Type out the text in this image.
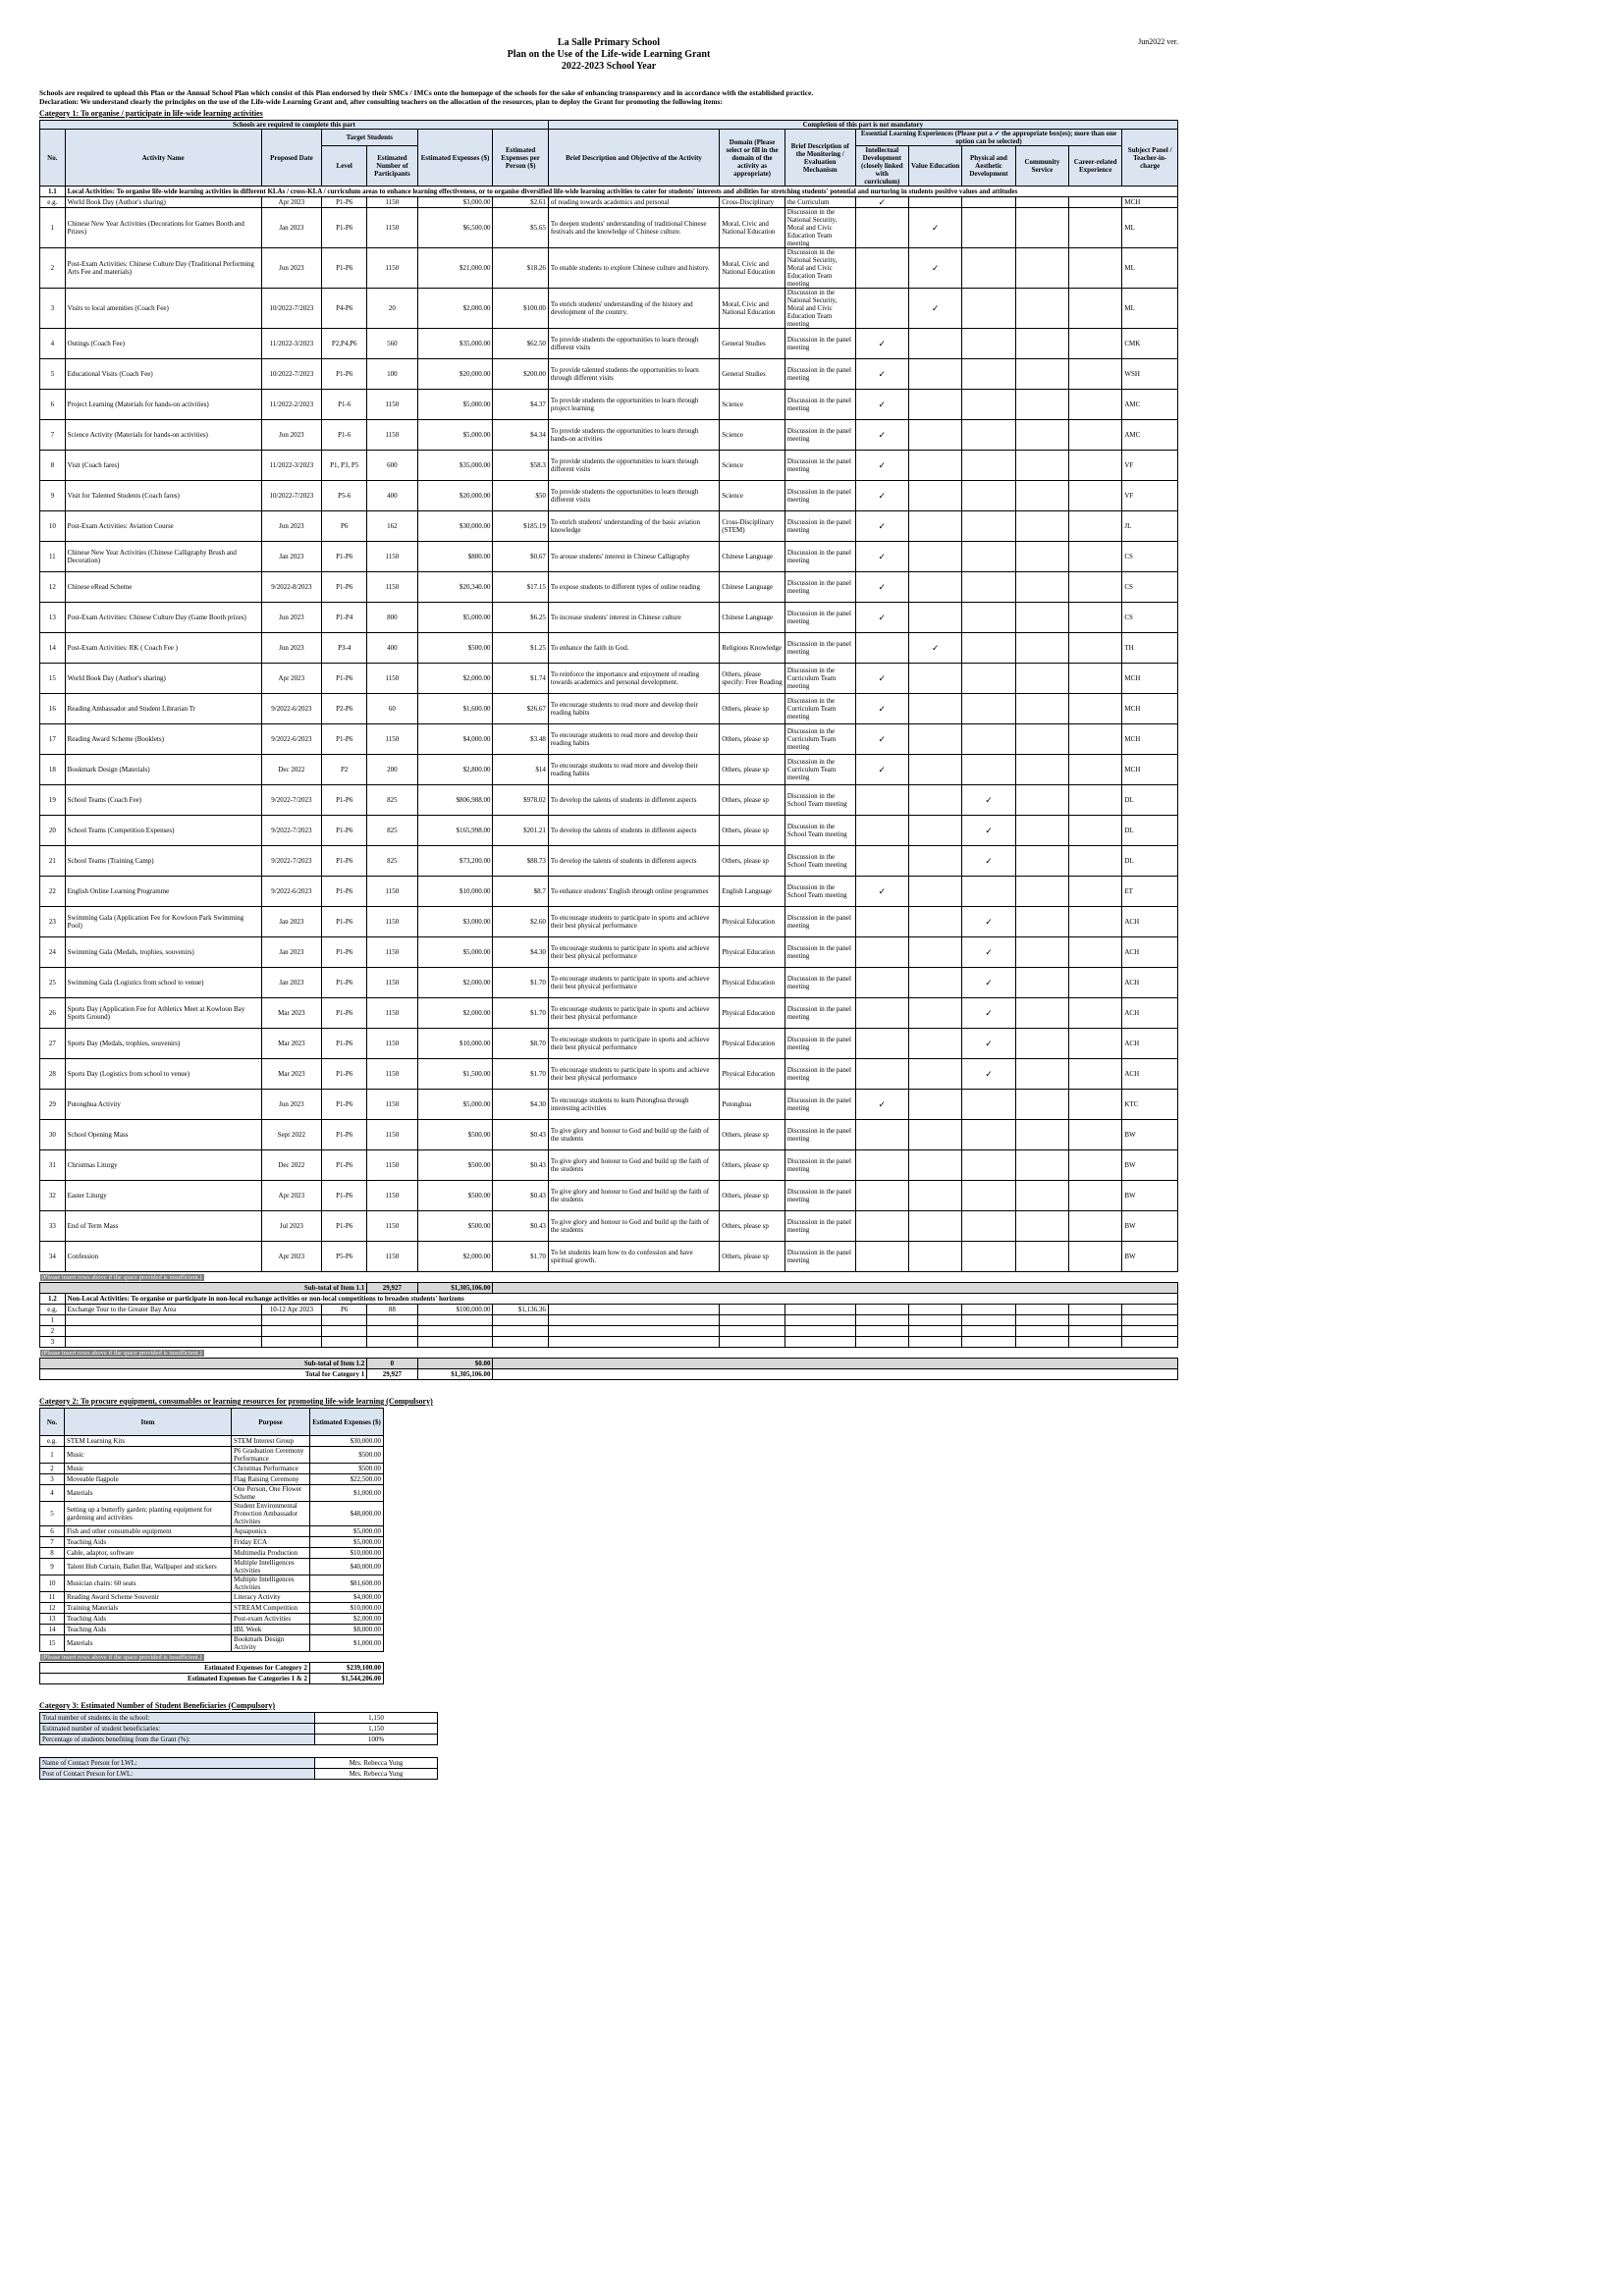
Jun2022 ver.
La Salle Primary School
Plan on the Use of the Life-wide Learning Grant
2022-2023 School Year
Schools are required to upload this Plan or the Annual School Plan which consist of this Plan endorsed by their SMCs / IMCs onto the homepage of the schools for the sake of enhancing transparency and in accordance with the established practice.
Declaration: We understand clearly the principles on the use of the Life-wide Learning Grant and, after consulting teachers on the allocation of the resources, plan to deploy the Grant for promoting the following items:
Category 1: To organise / participate in life-wide learning activities
Schools are required to complete this part							Completion of this part is not mandatory								
No.	Activity Name	Proposed Date	Target Students		Estimated Expenses ($)	Estimated Expenses per Person ($)	Brief Description and Objective of the Activity	Domain (Please select or fill in the domain of the activity as appropriate)	Brief Description of the Monitoring / Evaluation Mechanism	Essential Learning Experiences (Please put a ✓ the appropriate box(es); more than one option can be selected)					Subject Panel / Teacher-in-charge
			Level	Estimated Number of Participants						Intellectual Development (closely linked with curriculum)	Value Education	Physical and Aesthetic Development	Community Service	Career-related Experience	
1.1	Local Activities: To organise life-wide learning activities in different KLAs / cross-KLA / curriculum areas to enhance learning effectiveness, or to organise diversified life-wide learning activities to cater for students' interests and abilities for stretching students' potential and nurturing in students positive values and attitudes														
e.g.	World Book Day (Author's sharing)	Apr 2023	P1-P6	1150	$3,000.00	$2.61	of reading towards academics and personal	Cross-Disciplinary	the Curriculum	✓					MCH
1	Chinese New Year Activities (Decorations for Games Booth and Prizes)	Jan 2023	P1-P6	1150	$6,500.00	$5.65	To deepen students' understanding of traditional Chinese festivals and the knowledge of Chinese culture.	Moral, Civic and National Education	Discussion in the National Security, Moral and Civic Education Team meeting		✓				ML
2	Post-Exam Activities: Chinese Culture Day (Traditional Performing Arts Fee and materials)	Jun 2023	P1-P6	1150	$21,000.00	$18.26	To enable students to explore Chinese culture and history.	Moral, Civic and National Education	Discussion in the National Security, Moral and Civic Education Team meeting		✓				ML
3	Visits to local amenities (Coach Fee)	10/2022-7/2023	P4-P6	20	$2,000.00	$100.00	To enrich students' understanding of the history and development of the country.	Moral, Civic and National Education	Discussion in the National Security, Moral and Civic Education Team meeting		✓				ML
4	Outings (Coach Fee)	11/2022-3/2023	P2,P4,P6	560	$35,000.00	$62.50	To provide students the opportunities to learn through different visits	General Studies	Discussion in the panel meeting	✓					CMK
5	Educational Visits (Coach Fee)	10/2022-7/2023	P1-P6	100	$20,000.00	$200.00	To provide talented students the opportunities to learn through different visits	General Studies	Discussion in the panel meeting	✓					WSH
6	Project Learning (Materials for hands-on activities)	11/2022-2/2023	P1-6	1150	$5,000.00	$4.37	To provide students the opportunities to learn through project learning	Science	Discussion in the panel meeting	✓					AMC
7	Science Activity (Materials for hands-on activities)	Jun 2023	P1-6	1150	$5,000.00	$4.34	To provide students the opportunities to learn through hands-on activities	Science	Discussion in the panel meeting	✓					AMC
8	Visit (Coach fares)	11/2022-3/2023	P1, P3, P5	600	$35,000.00	$58.3	To provide students the opportunities to learn through different visits	Science	Discussion in the panel meeting	✓					VF
9	Visit for Talented Students (Coach fares)	10/2022-7/2023	P5-6	400	$20,000.00	$50	To provide students the opportunities to learn through different visits	Science	Discussion in the panel meeting	✓					VF
10	Post-Exam Activities: Aviation Course	Jun 2023	P6	162	$30,000.00	$185.19	To enrich students' understanding of the basic aviation knowledge	Cross-Disciplinary (STEM)	Discussion in the panel meeting	✓					JL
11	Chinese New Year Activities (Chinese Calligraphy Brush and Decoration)	Jan 2023	P1-P6	1150	$800.00	$0.67	To arouse students' interest in Chinese Calligraphy	Chinese Language	Discussion in the panel meeting	✓					CS
12	Chinese eRead Scheme	9/2022-8/2023	P1-P6	1150	$20,340.00	$17.15	To expose students to different types of online reading	Chinese Language	Discussion in the panel meeting	✓					CS
13	Post-Exam Activities: Chinese Culture Day (Game Booth prizes)	Jun 2023	P1-P4	800	$5,000.00	$6.25	To increase students' interest in Chinese culture	Chinese Language	Discussion in the panel meeting	✓					CS
14	Post-Exam Activities: RK ( Coach Fee )	Jun 2023	P3-4	400	$500.00	$1.25	To enhance the faith in God.	Religious Knowledge	Discussion in the panel meeting		✓				TH
15	World Book Day (Author's sharing)	Apr 2023	P1-P6	1150	$2,000.00	$1.74	To reinforce the importance and enjoyment of reading towards academics and personal development.	Others, please specify: Free Reading	Discussion in the Curriculum Team meeting	✓					MCH
16	Reading Ambassador and Student Librarian Tr	9/2022-6/2023	P2-P6	60	$1,600.00	$26.67	To encourage students to read more and develop their reading habits	Others, please sp	Discussion in the Curriculum Team meeting	✓					MCH
17	Reading Award Scheme (Booklets)	9/2022-6/2023	P1-P6	1150	$4,000.00	$3.48	To encourage students to read more and develop their reading habits	Others, please sp	Discussion in the Curriculum Team meeting	✓					MCH
18	Bookmark Design (Materials)	Dec 2022	P2	200	$2,800.00	$14	To encourage students to read more and develop their reading habits	Others, please sp	Discussion in the Curriculum Team meeting	✓					MCH
19	School Teams (Coach Fee)	9/2022-7/2023	P1-P6	825	$806,988.00	$978.02	To develop the talents of students in different aspects	Others, please sp	Discussion in the School Team meeting			✓			DL
20	School Teams (Competition Expenses)	9/2022-7/2023	P1-P6	825	$165,998.00	$201.21	To develop the talents of students in different aspects	Others, please sp	Discussion in the School Team meeting			✓			DL
21	School Teams (Training Camp)	9/2022-7/2023	P1-P6	825	$73,200.00	$88.73	To develop the talents of students in different aspects	Others, please sp	Discussion in the School Team meeting			✓			DL
22	English Online Learning Programme	9/2022-6/2023	P1-P6	1150	$10,000.00	$8.7	To enhance students' English through online programmes	English Language	Discussion in the School Team meeting	✓					ET
23	Swimming Gala (Application Fee for Kowloon Park Swimming Pool)	Jan 2023	P1-P6	1150	$3,000.00	$2.60	To encourage students to participate in sports and achieve their best physical performance	Physical Education	Discussion in the panel meeting			✓			ACH
24	Swimming Gala (Medals, trophies, souvenirs)	Jan 2023	P1-P6	1150	$5,000.00	$4.30	To encourage students to participate in sports and achieve their best physical performance	Physical Education	Discussion in the panel meeting			✓			ACH
25	Swimming Gala (Logistics from school to venue)	Jan 2023	P1-P6	1150	$2,000.00	$1.70	To encourage students to participate in sports and achieve their best physical performance	Physical Education	Discussion in the panel meeting			✓			ACH
26	Sports Day (Application Fee for Athletics Meet at Kowloon Bay Sports Ground)	Mar 2023	P1-P6	1150	$2,000.00	$1.70	To encourage students to participate in sports and achieve their best physical performance	Physical Education	Discussion in the panel meeting			✓			ACH
27	Sports Day (Medals, trophies, souvenirs)	Mar 2023	P1-P6	1150	$10,000.00	$8.70	To encourage students to participate in sports and achieve their best physical performance	Physical Education	Discussion in the panel meeting			✓			ACH
28	Sports Day (Logistics from school to venue)	Mar 2023	P1-P6	1150	$1,500.00	$1.70	To encourage students to participate in sports and achieve their best physical performance	Physical Education	Discussion in the panel meeting			✓			ACH
29	Putonghua Activity	Jun 2023	P1-P6	1150	$5,000.00	$4.30	To encourage students to learn Putonghua through interesting activities	Putonghua	Discussion in the panel meeting	✓					KTC
30	School Opening Mass	Sept 2022	P1-P6	1150	$500.00	$0.43	To give glory and honour to God and build up the faith of the students	Others, please sp	Discussion in the panel meeting						BW
31	Christmas Liturgy	Dec 2022	P1-P6	1150	$500.00	$0.43	To give glory and honour to God and build up the faith of the students	Others, please sp	Discussion in the panel meeting						BW
32	Easter Liturgy	Apr 2023	P1-P6	1150	$500.00	$0.43	To give glory and honour to God and build up the faith of the students	Others, please sp	Discussion in the panel meeting						BW
33	End of Term Mass	Jul 2023	P1-P6	1150	$500.00	$0.43	To give glory and honour to God and build up the faith of the students	Others, please sp	Discussion in the panel meeting						BW
34	Confession	Apr 2023	P5-P6	1150	$2,000.00	$1.70	To let students learn how to do confession and have spiritual growth.	Others, please sp	Discussion in the panel meeting						BW
(Please insert rows above if the space provided is insufficient.)															
Sub-total of Item 1.1				29,927	$1,305,106.00										
1.2	Non-Local Activities: To organise or participate in non-local exchange activities or non-local competitions to broaden students' horizons														
e.g.	Exchange Tour to the Greater Bay Area	10-12 Apr 2023	P6	88	$100,000.00	$1,136.36									
1															
2															
3															
(Please insert rows above if the space provided is insufficient.)															
Sub-total of Item 1.2				0	$0.00										
Total for Category 1				29,927	$1,305,106.00										
Category 2: To procure equipment, consumables or learning resources for promoting life-wide learning (Compulsory)
No.	Item	Purpose	Estimated Expenses ($)
e.g.	STEM Learning Kits	STEM Interest Group	$30,000.00
1	Music	P6 Graduation Ceremony Performance	$500.00
2	Music	Christmas Performance	$500.00
3	Moveable flagpole	Flag Raising Ceremony	$22,500.00
4	Materials	One Person, One Flower Scheme	$1,000.00
5	Setting up a butterfly garden; planting equipment for gardening and activities	Student Environmental Protection Ambassador Activities	$48,000.00
6	Fish and other consumable equipment	Aquaponics	$5,000.00
7	Teaching Aids	Friday ECA	$5,000.00
8	Cable, adaptor, software	Multimedia Production	$10,000.00
9	Talent Hub Curtain, Ballet Bar, Wallpaper and stickers	Multiple Intelligences Activities	$40,000.00
10	Musician chairs: 60 seats	Multiple Intelligences Activities	$81,600.00
11	Reading Award Scheme Souvenir	Literacy Activity	$4,000.00
12	Training Materials	STREAM Competition	$10,000.00
13	Teaching Aids	Post-exam Activities	$2,000.00
14	Teaching Aids	IBL Week	$8,000.00
15	Materials	Bookmark Design Activity	$1,000.00
(Please insert rows above if the space provided is insufficient.)			
Estimated Expenses for Category 2			$239,100.00
Estimated Expenses for Categories 1 & 2			$1,544,206.00
Category 3: Estimated Number of Student Beneficiaries (Compulsory)
Total number of students in the school:	1,150
Estimated number of student beneficiaries:	1,150
Percentage of students benefiting from the Grant (%):	100%
Name of Contact Person for LWL:	Mrs. Rebecca Yung
Post of Contact Person for LWL:	Mrs. Rebecca Yung
